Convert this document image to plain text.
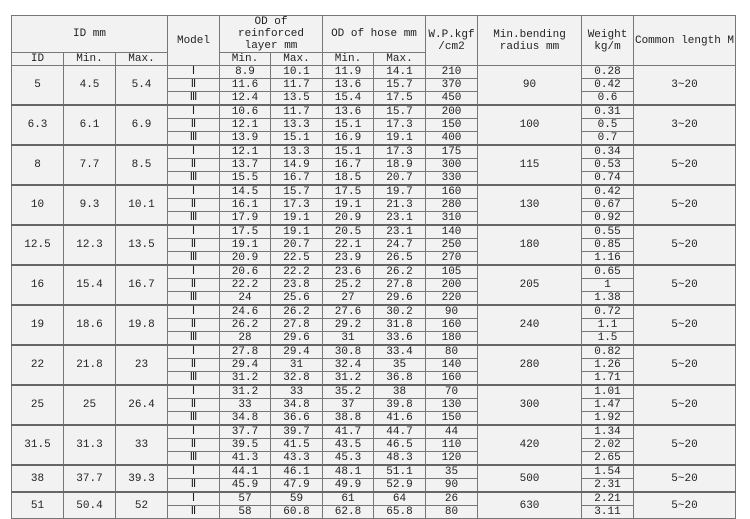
ID mm			Model	OD of reinforced layer mm		OD of hose mm		W.P.kgf /cm2	Min.bending radius mm	Weight kg/m	Common length M
ID	Min.	Max.		Min.	Max.	Min.	Max.				
5	4.5	5.4	Ⅰ	8.9	10.1	11.9	14.1	210	90	0.28	3~20
			Ⅱ	11.6	11.7	13.6	15.7	370		0.42	
			Ⅲ	12.4	13.5	15.4	17.5	450		0.6	
6.3	6.1	6.9	Ⅰ	10.6	11.7	13.6	15.7	200	100	0.31	3~20
			Ⅱ	12.1	13.3	15.1	17.3	150		0.5	
			Ⅲ	13.9	15.1	16.9	19.1	400		0.7	
8	7.7	8.5	Ⅰ	12.1	13.3	15.1	17.3	175	115	0.34	5~20
			Ⅱ	13.7	14.9	16.7	18.9	300		0.53	
			Ⅲ	15.5	16.7	18.5	20.7	330		0.74	
10	9.3	10.1	Ⅰ	14.5	15.7	17.5	19.7	160	130	0.42	5~20
			Ⅱ	16.1	17.3	19.1	21.3	280		0.67	
			Ⅲ	17.9	19.1	20.9	23.1	310		0.92	
12.5	12.3	13.5	Ⅰ	17.5	19.1	20.5	23.1	140	180	0.55	5~20
			Ⅱ	19.1	20.7	22.1	24.7	250		0.85	
			Ⅲ	20.9	22.5	23.9	26.5	270		1.16	
16	15.4	16.7	Ⅰ	20.6	22.2	23.6	26.2	105	205	0.65	5~20
			Ⅱ	22.2	23.8	25.2	27.8	200		1	
			Ⅲ	24	25.6	27	29.6	220		1.38	
19	18.6	19.8	Ⅰ	24.6	26.2	27.6	30.2	90	240	0.72	5~20
			Ⅱ	26.2	27.8	29.2	31.8	160		1.1	
			Ⅲ	28	29.6	31	33.6	180		1.5	
22	21.8	23	Ⅰ	27.8	29.4	30.8	33.4	80	280	0.82	5~20
			Ⅱ	29.4	31	32.4	35	140		1.26	
			Ⅲ	31.2	32.8	31.2	36.8	160		1.71	
25	25	26.4	Ⅰ	31.2	33	35.2	38	70	300	1.01	5~20
			Ⅱ	33	34.8	37	39.8	130		1.47	
			Ⅲ	34.8	36.6	38.8	41.6	150		1.92	
31.5	31.3	33	Ⅰ	37.7	39.7	41.7	44.7	44	420	1.34	5~20
			Ⅱ	39.5	41.5	43.5	46.5	110		2.02	
			Ⅲ	41.3	43.3	45.3	48.3	120		2.65	
38	37.7	39.3	Ⅰ	44.1	46.1	48.1	51.1	35	500	1.54	5~20
			Ⅱ	45.9	47.9	49.9	52.9	90		2.31	
51	50.4	52	Ⅰ	57	59	61	64	26	630	2.21	5~20
			Ⅱ	58	60.8	62.8	65.8	80		3.11	
